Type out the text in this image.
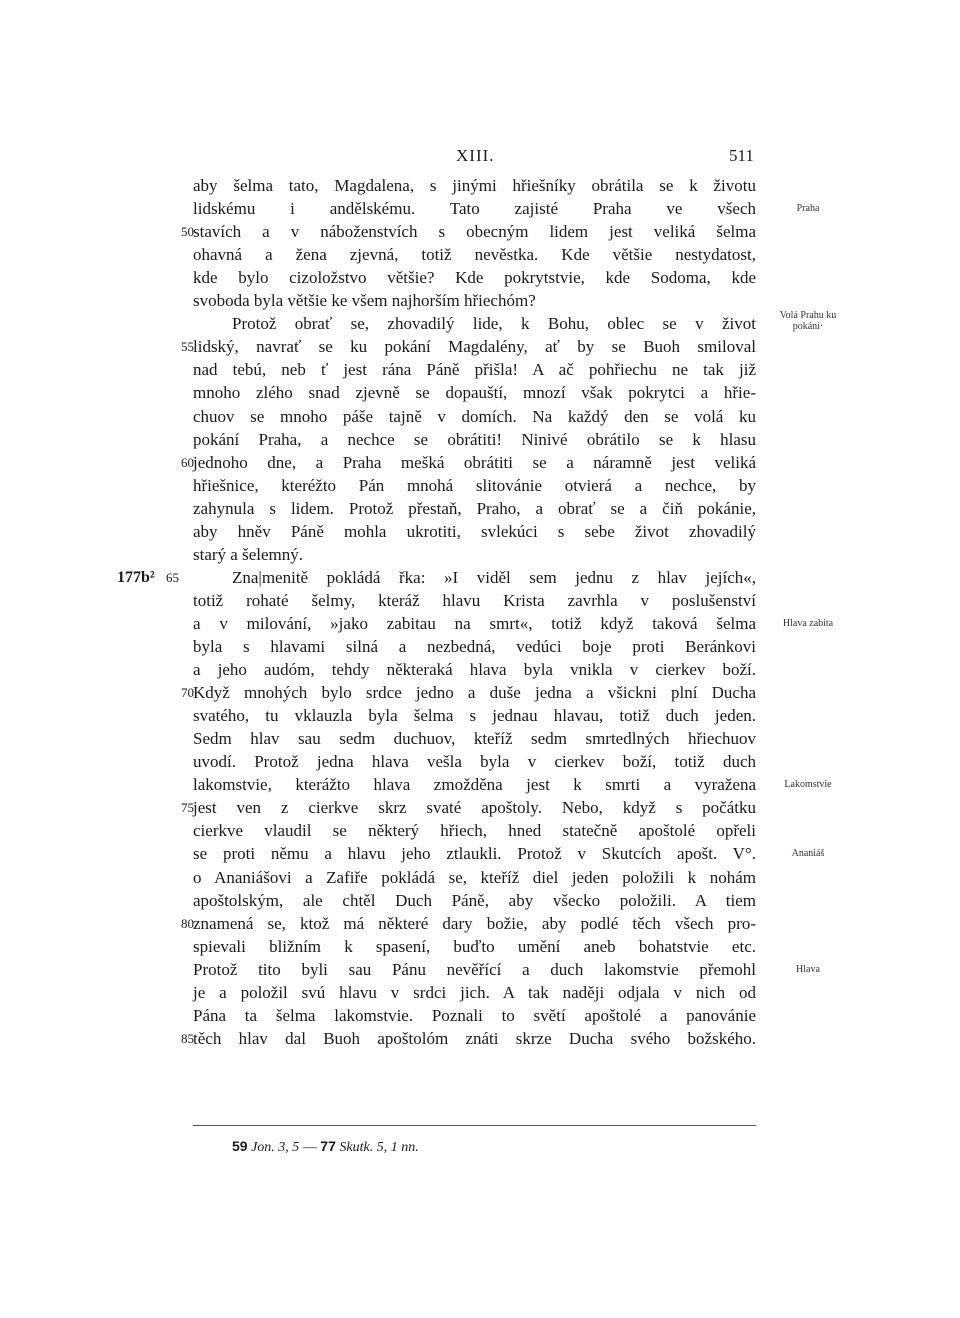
XIII.	511
aby šelma tato, Magdalena, s jinými hřiešníky obrátila se k životu
lidskému i andělskému. Tato zajisté Praha ve všech
stavích a v náboženstvích s obecným lidem jest veliká šelma
50
ohavná a žena zjevná, totiž nevěstka. Kde většie nestydatost,
kde bylo cizoložstvo většie? Kde pokrytstvie, kde Sodoma, kde
svoboda byla většie ke všem najhorším hřiechóm?
Protož obrať se, zhovadilý lide, k Bohu, oblec se v život
lidský, navrať se ku pokání Magdalény, ať by se Buoh smiloval
55
nad tebú, neb ť jest rána Páně přišla! A ač pohřiechu ne tak již
mnoho zlého snad zjevně se dopauští, mnozí však pokrytci a hřie-
chuov se mnoho páše tajně v domích. Na každý den se volá ku
pokání Praha, a nechce se obrátiti! Ninivé obrátilo se k hlasu
jednoho dne, a Praha mešká obrátiti se a náramně jest veliká
60
hřiešnice, kteréžto Pán mnohá slitovánie otvierá a nechce, by
zahynula s lidem. Protož přestaň, Praho, a obrať se a čiň pokánie,
aby hněv Páně mohla ukrotiti, svlekúci s sebe život zhovadilý
starý a šelemný.
Zna|menitě pokládá řka: »I viděl sem jednu z hlav jejích«,
65
totiž rohaté šelmy, kteráž hlavu Krista zavrhla v poslušenství
a v milování, »jako zabitau na smrt«, totiž když taková šelma
byla s hlavami silná a nezbedná, vedúci boje proti Beránkovi
a jeho audóm, tehdy některaká hlava byla vnikla v cierkev boží.
Když mnohých bylo srdce jedno a duše jedna a všickni plní Ducha
70
svatého, tu vklauzla byla šelma s jednau hlavau, totiž duch jeden.
Sedm hlav sau sedm duchuov, kteříž sedm smrtedlných hřiechuov
uvodí. Protož jedna hlava vešla byla v cierkev boží, totiž duch
lakomstvie, kterážto hlava zmožděna jest k smrti a vyražena
jest ven z cierkve skrz svaté apoštoly. Nebo, když s počátku
75
cierkve vlaudil se některý hřiech, hned statečně apoštolé opřeli
se proti němu a hlavu jeho ztlaukli. Protož v Skutcích apošt. V°.
o Ananiášovi a Zafiře pokládá se, kteříž diel jeden položili k nohám
apoštolským, ale chtěl Duch Páně, aby všecko položili. A tiem
znamená se, ktož má některé dary božie, aby podlé těch všech pro-
80
spievali bližním k spasení, buďto umění aneb bohatstvie etc.
Protož tito byli sau Pánu nevěřící a duch lakomstvie přemohl
je a položil svú hlavu v srdci jich. A tak naději odjala v nich od
Pána ta šelma lakomstvie. Poznali to světí apoštolé a panovánie
těch hlav dal Buoh apoštolóm znáti skrze Ducha svého božského.
85
177b²
Praha
Volá Prahu ku pokání·
Hlava zabita
Lakomstvie
Ananiáš
Hlava
59 Jon. 3, 5 — 77 Skutk. 5, 1 nn.
